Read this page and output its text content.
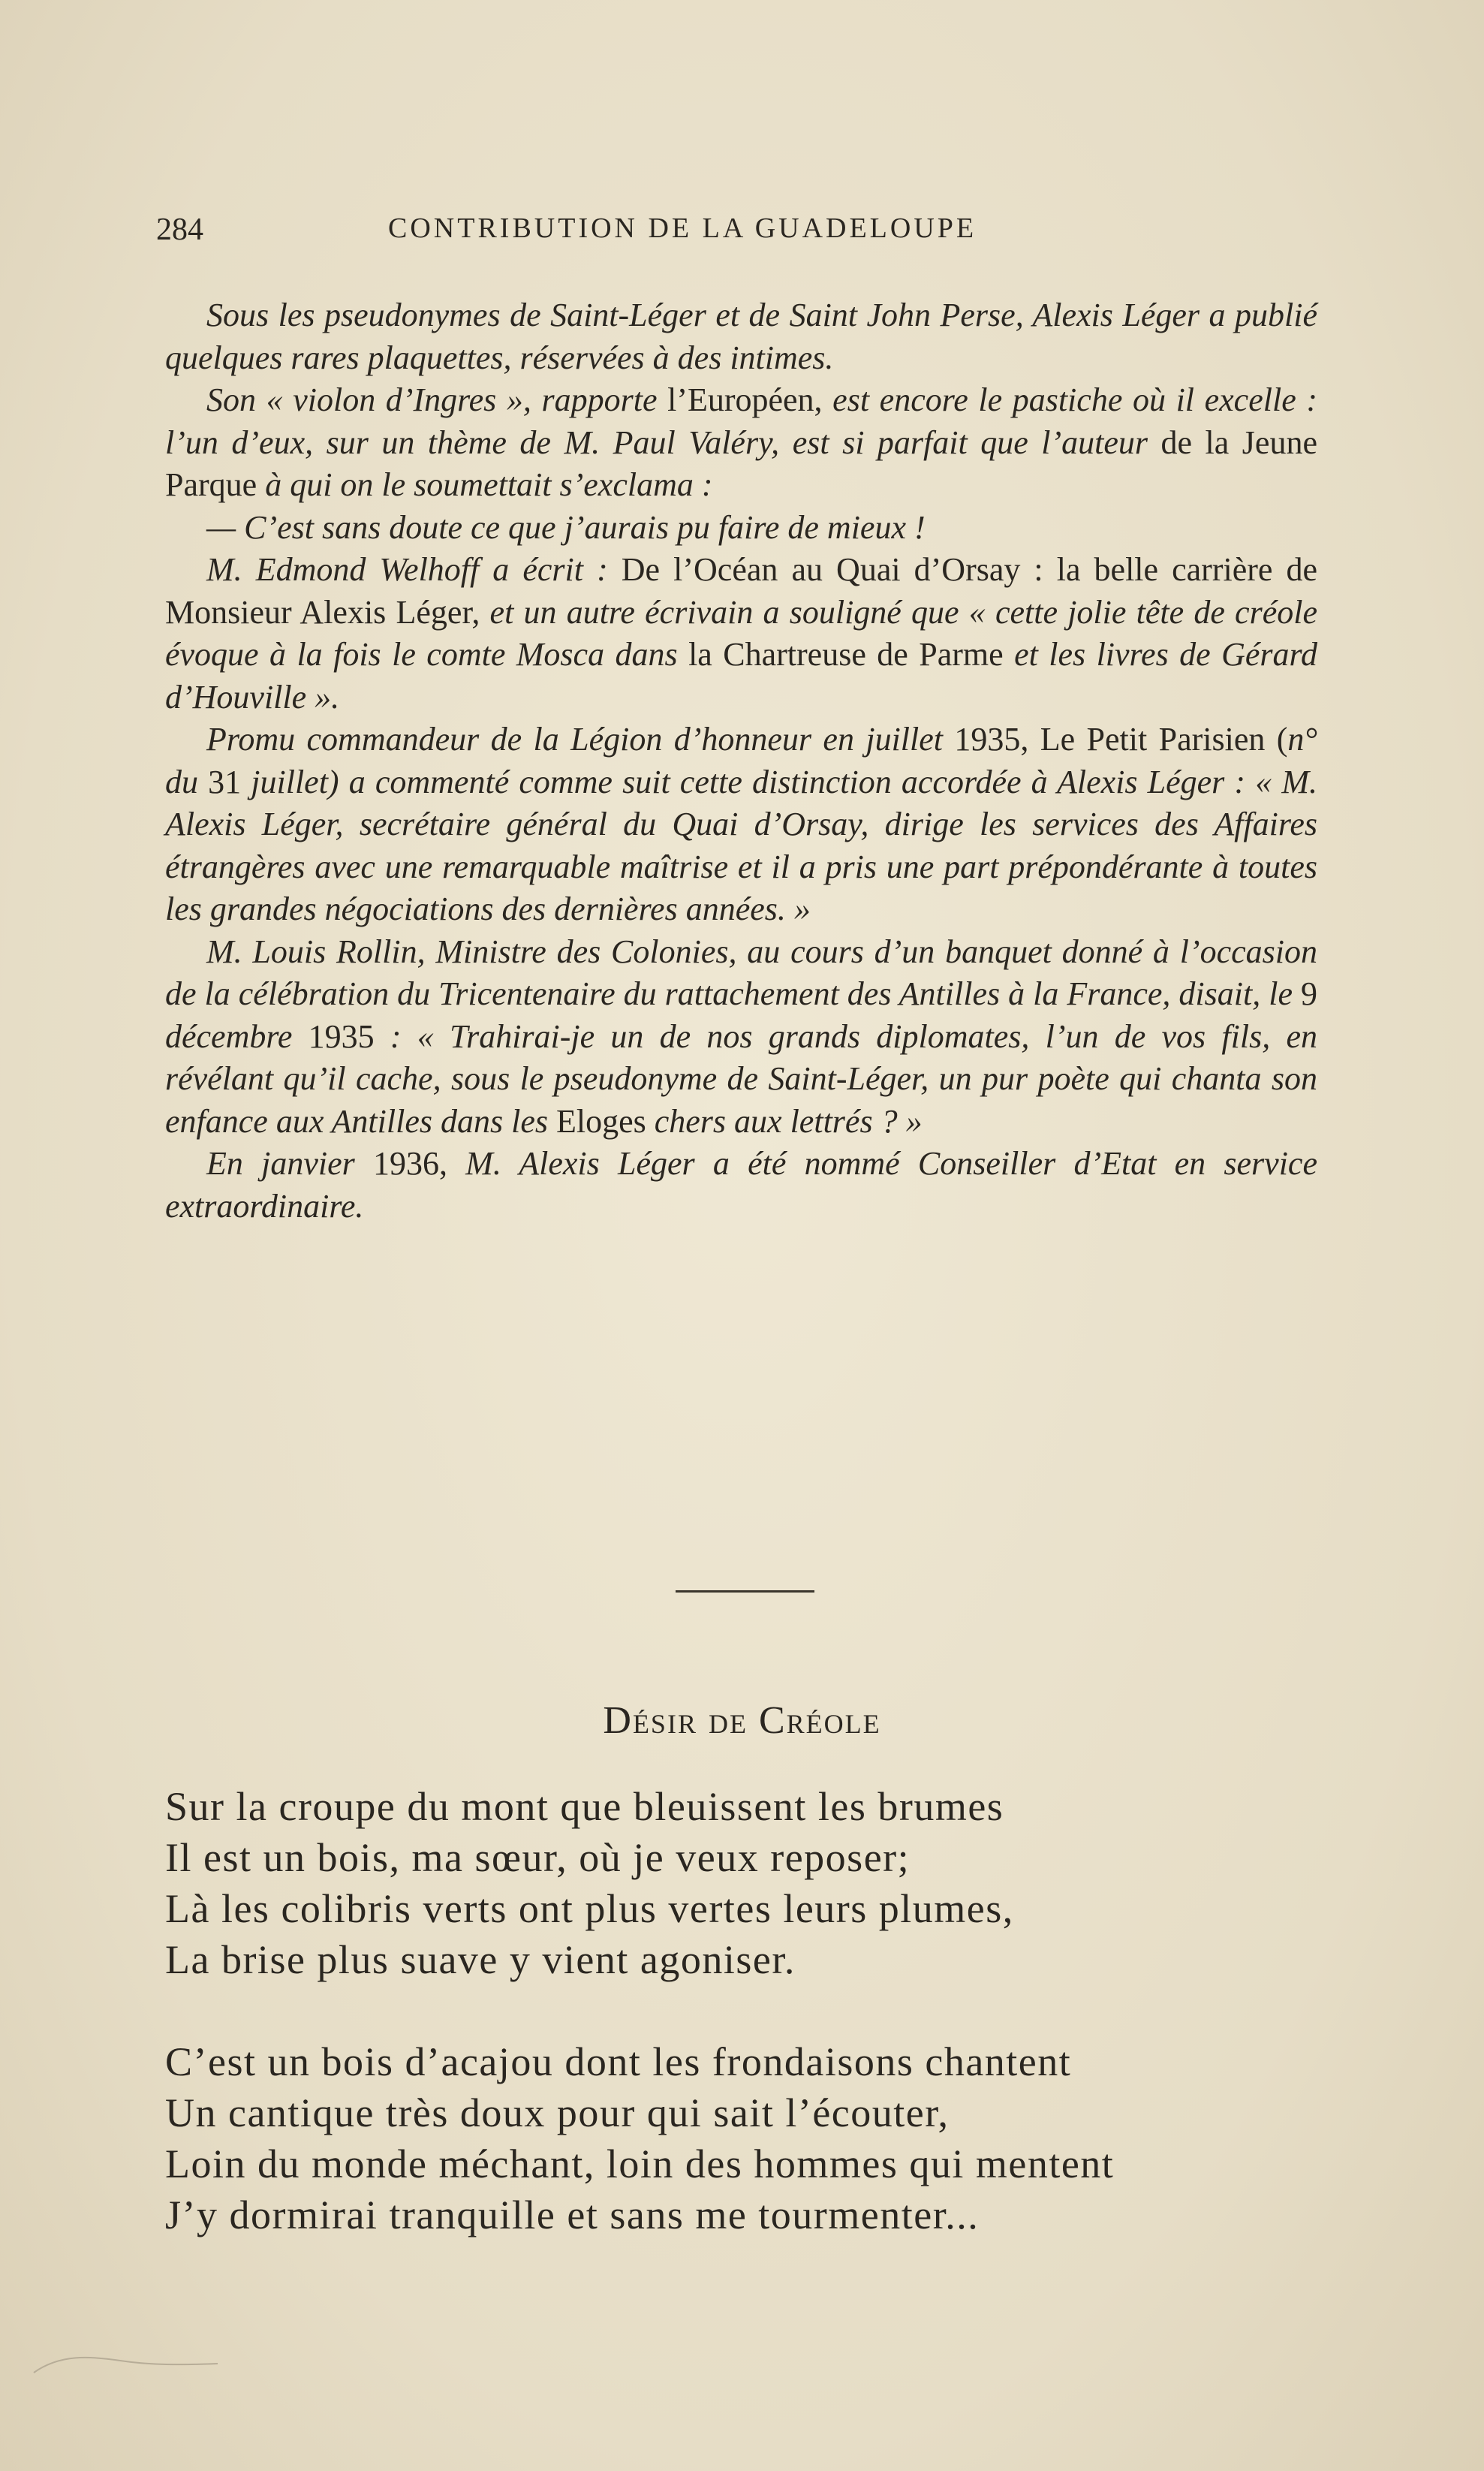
284	CONTRIBUTION DE LA GUADELOUPE

Sous les pseudonymes de Saint-Léger et de Saint John Perse, Alexis Léger a publié quelques rares plaquettes, réservées à des intimes.

Son « violon d’Ingres », rapporte l’Européen, est encore le pastiche où il excelle : l’un d’eux, sur un thème de M. Paul Valéry, est si parfait que l’auteur de la Jeune Parque à qui on le soumettait s’exclama :

— C’est sans doute ce que j’aurais pu faire de mieux !

M. Edmond Welhoff a écrit : De l’Océan au Quai d’Orsay : la belle carrière de Monsieur Alexis Léger, et un autre écrivain a souligné que « cette jolie tête de créole évoque à la fois le comte Mosca dans la Chartreuse de Parme et les livres de Gérard d’Houville ».

Promu commandeur de la Légion d’honneur en juillet 1935, Le Petit Parisien (n° du 31 juillet) a commenté comme suit cette distinction accordée à Alexis Léger : « M. Alexis Léger, secrétaire général du Quai d’Orsay, dirige les services des Affaires étrangères avec une remarquable maîtrise et il a pris une part prépondérante à toutes les grandes négociations des dernières années. »

M. Louis Rollin, Ministre des Colonies, au cours d’un banquet donné à l’occasion de la célébration du Tricentenaire du rattachement des Antilles à la France, disait, le 9 décembre 1935 : « Trahirai-je un de nos grands diplomates, l’un de vos fils, en révélant qu’il cache, sous le pseudonyme de Saint-Léger, un pur poète qui chanta son enfance aux Antilles dans les Eloges chers aux lettrés ? »

En janvier 1936, M. Alexis Léger a été nommé Conseiller d’Etat en service extraordinaire.

Désir de Créole
Sur la croupe du mont que bleuissent les brumes
Il est un bois, ma sœur, où je veux reposer;
Là les colibris verts ont plus vertes leurs plumes,
La brise plus suave y vient agoniser.
C’est un bois d’acajou dont les frondaisons chantent
Un cantique très doux pour qui sait l’écouter,
Loin du monde méchant, loin des hommes qui mentent
J’y dormirai tranquille et sans me tourmenter...
